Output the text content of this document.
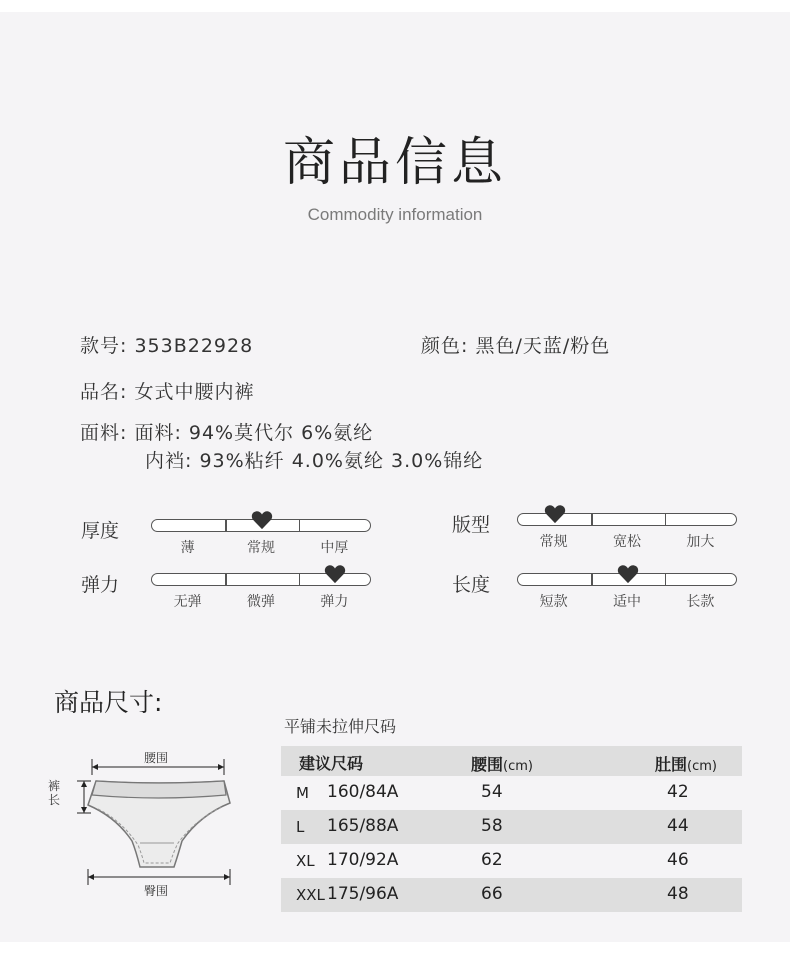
商品信息
Commodity information
款号: 353B22928	颜色: 黑色/天蓝/粉色
品名: 女式中腰内裤
面料: 面料: 94%莫代尔 6%氨纶
内裆: 93%粘纤 4.0%氨纶 3.0%锦纶
厚度	版型
弹力	长度
薄	常规	中厚	常规	宽松	加大
无弹	微弹	弹力	短款	适中	长款
商品尺寸:
平铺未拉伸尺码
腰围
裤长
臀围
建议尺码	腰围(cm)	肚围(cm)
M 160/84A	54	42
L 165/88A	58	44
XL 170/92A	62	46
XXL 175/96A	66	48
